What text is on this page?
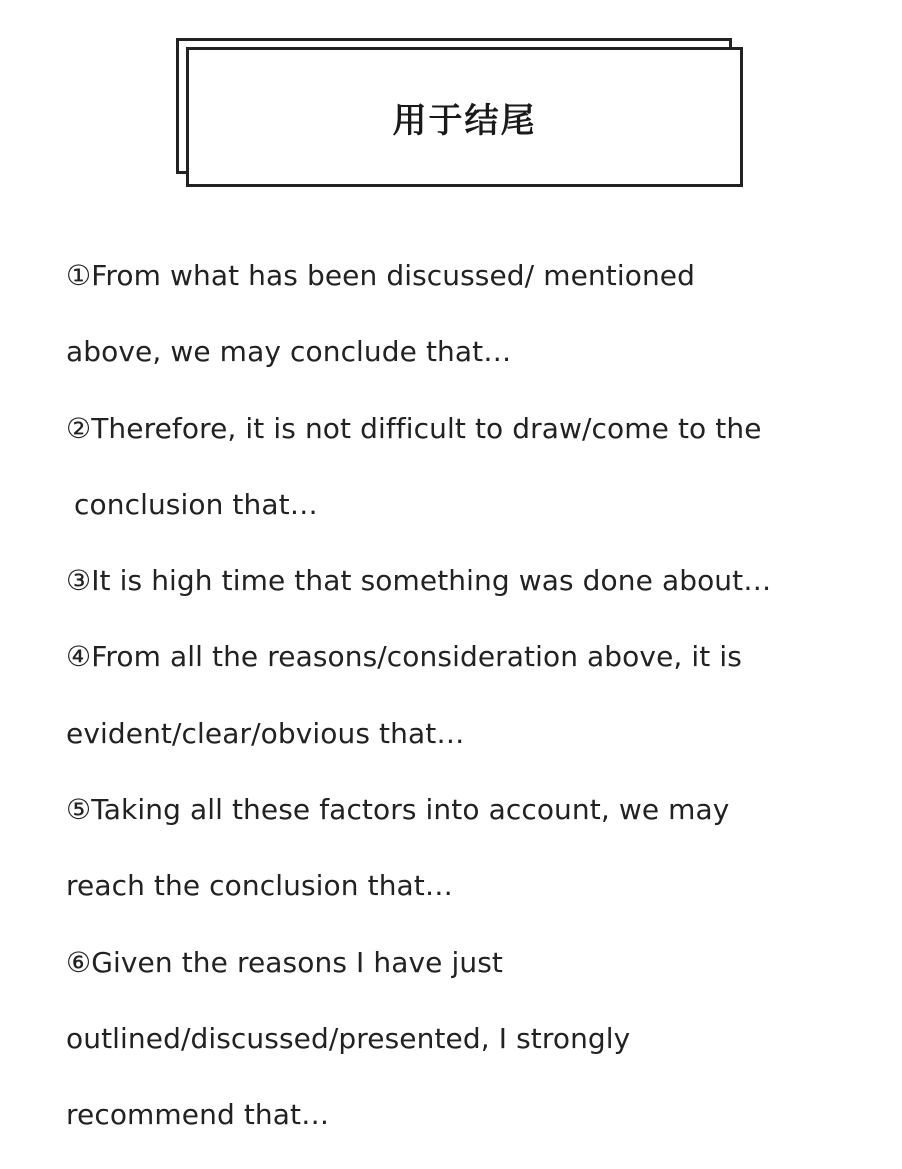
用于结尾
①From what has been discussed/ mentioned
above, we may conclude that…
②Therefore, it is not difficult to draw/come to the
conclusion that…
③It is high time that something was done about…
④From all the reasons/consideration above, it is
evident/clear/obvious that…
⑤Taking all these factors into account, we may
reach the conclusion that…
⑥Given the reasons I have just
outlined/discussed/presented, I strongly
recommend that…
